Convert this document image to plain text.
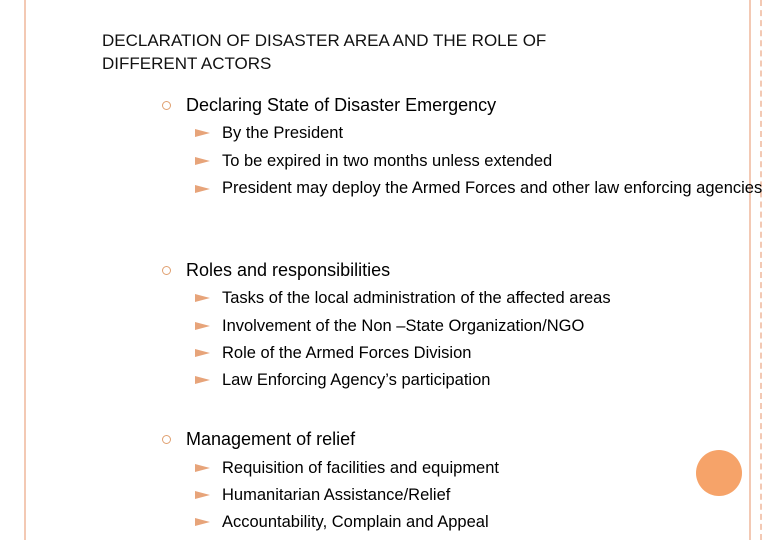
DECLARATION OF DISASTER AREA AND THE ROLE OF
DIFFERENT ACTORS
Declaring State of Disaster Emergency
By the President
To be expired in two months unless extended
President may deploy the Armed Forces and other law enforcing agencies
Roles and responsibilities
Tasks of the local administration of the affected areas
Involvement of the Non –State Organization/NGO
Role of the Armed Forces Division
Law Enforcing Agency’s participation
Management of relief
Requisition of facilities and equipment
Humanitarian Assistance/Relief
Accountability, Complain and Appeal
